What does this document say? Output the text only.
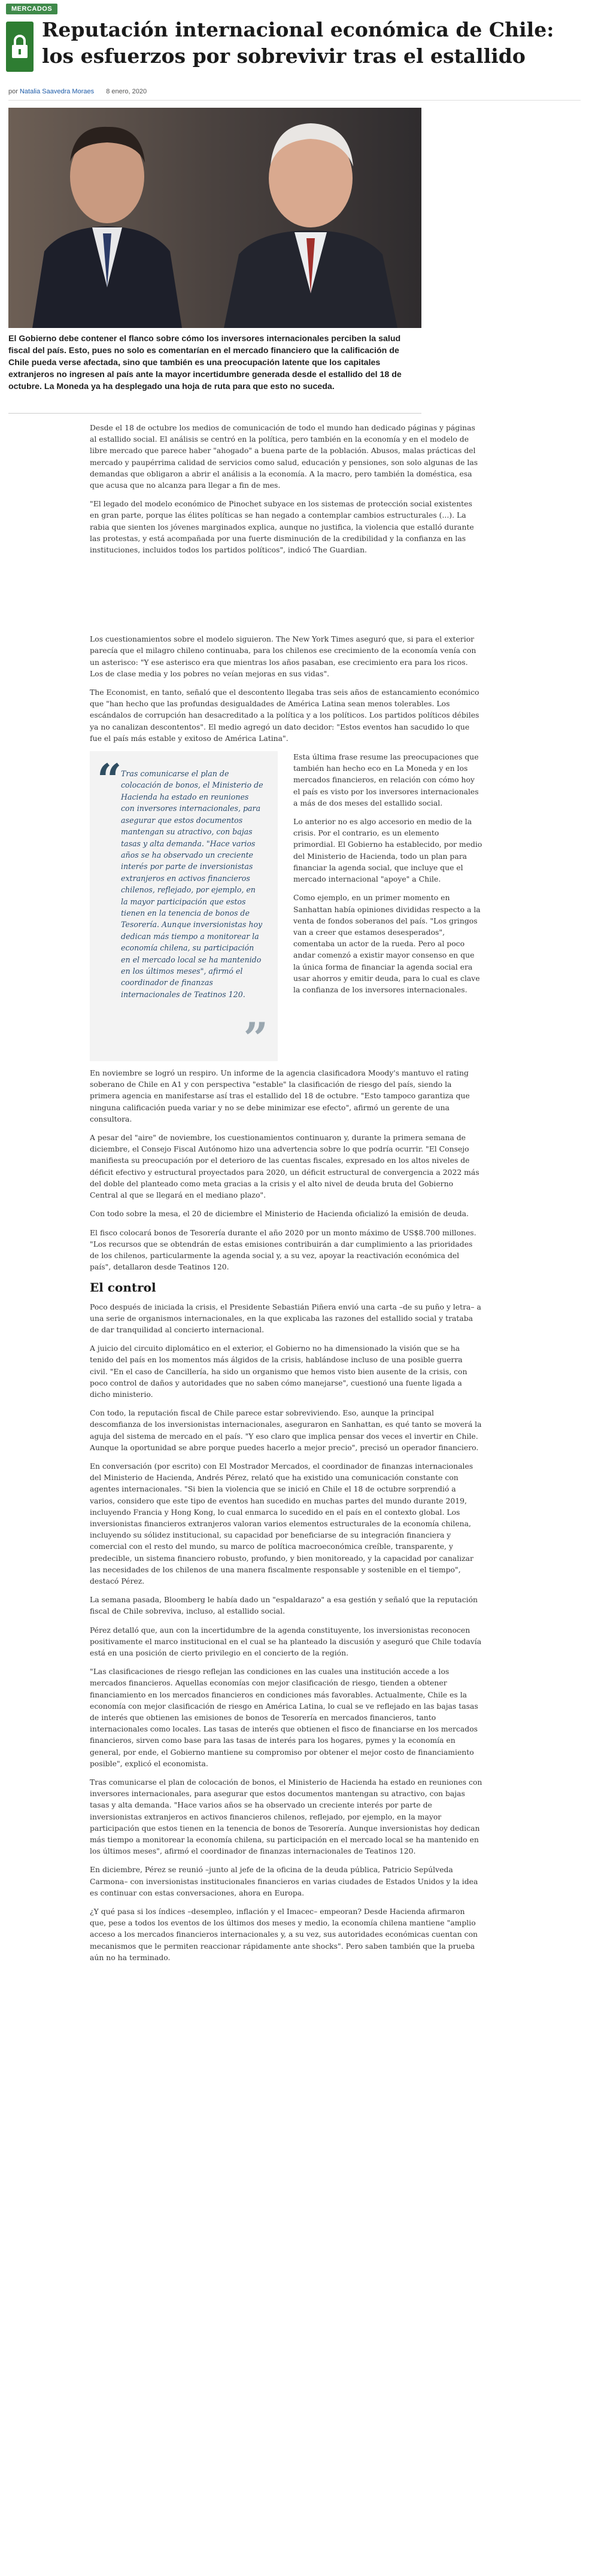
MERCADOS
Reputación internacional económica de Chile: los esfuerzos por sobrevivir tras el estallido
por Natalia Saavedra Moraes 8 enero, 2020

El Gobierno debe contener el flanco sobre cómo los inversores internacionales perciben la salud fiscal del país. Esto, pues no solo es comentarían en el mercado financiero que la calificación de Chile pueda verse afectada, sino que también es una preocupación latente que los capitales extranjeros no ingresen al país ante la mayor incertidumbre generada desde el estallido del 18 de octubre. La Moneda ya ha desplegado una hoja de ruta para que esto no suceda.

Desde el 18 de octubre los medios de comunicación de todo el mundo han dedicado páginas y páginas al estallido social. El análisis se centró en la política, pero también en la economía y en el modelo de libre mercado que parece haber "ahogado" a buena parte de la población. Abusos, malas prácticas del mercado y paupérrima calidad de servicios como salud, educación y pensiones, son solo algunas de las demandas que obligaron a abrir el análisis a la economía. A la macro, pero también la doméstica, esa que acusa que no alcanza para llegar a fin de mes.

"El legado del modelo económico de Pinochet subyace en los sistemas de protección social existentes en gran parte, porque las élites políticas se han negado a contemplar cambios estructurales (...). La rabia que sienten los jóvenes marginados explica, aunque no justifica, la violencia que estalló durante las protestas, y está acompañada por una fuerte disminución de la credibilidad y la confianza en las instituciones, incluidos todos los partidos políticos", indicó The Guardian.

Los cuestionamientos sobre el modelo siguieron. The New York Times aseguró que, si para el exterior parecía que el milagro chileno continuaba, para los chilenos ese crecimiento de la economía venía con un asterisco: "Y ese asterisco era que mientras los años pasaban, ese crecimiento era para los ricos. Los de clase media y los pobres no veían mejoras en sus vidas".

The Economist, en tanto, señaló que el descontento llegaba tras seis años de estancamiento económico que "han hecho que las profundas desigualdades de América Latina sean menos tolerables. Los escándalos de corrupción han desacreditado a la política y a los políticos. Los partidos políticos débiles ya no canalizan descontentos". El medio agregó un dato decidor: "Estos eventos han sacudido lo que fue el país más estable y exitoso de América Latina".

“
Tras comunicarse el plan de colocación de bonos, el Ministerio de Hacienda ha estado en reuniones con inversores internacionales, para asegurar que estos documentos mantengan su atractivo, con bajas tasas y alta demanda. "Hace varios años se ha observado un creciente interés por parte de inversionistas extranjeros en activos financieros chilenos, reflejado, por ejemplo, en la mayor participación que estos tienen en la tenencia de bonos de Tesorería. Aunque inversionistas hoy dedican más tiempo a monitorear la economía chilena, su participación en el mercado local se ha mantenido en los últimos meses", afirmó el coordinador de finanzas internacionales de Teatinos 120.
”

Esta última frase resume las preocupaciones que también han hecho eco en La Moneda y en los mercados financieros, en relación con cómo hoy el país es visto por los inversores internacionales a más de dos meses del estallido social.

Lo anterior no es algo accesorio en medio de la crisis. Por el contrario, es un elemento primordial. El Gobierno ha establecido, por medio del Ministerio de Hacienda, todo un plan para financiar la agenda social, que incluye que el mercado internacional "apoye" a Chile.

Como ejemplo, en un primer momento en Sanhattan había opiniones divididas respecto a la venta de fondos soberanos del país. "Los gringos van a creer que estamos desesperados", comentaba un actor de la rueda. Pero al poco andar comenzó a existir mayor consenso en que la única forma de financiar la agenda social era usar ahorros y emitir deuda, para lo cual es clave la confianza de los inversores internacionales.

En noviembre se logró un respiro. Un informe de la agencia clasificadora Moody's mantuvo el rating soberano de Chile en A1 y con perspectiva "estable" la clasificación de riesgo del país, siendo la primera agencia en manifestarse así tras el estallido del 18 de octubre. "Esto tampoco garantiza que ninguna calificación pueda variar y no se debe minimizar ese efecto", afirmó un gerente de una consultora.

A pesar del "aire" de noviembre, los cuestionamientos continuaron y, durante la primera semana de diciembre, el Consejo Fiscal Autónomo hizo una advertencia sobre lo que podría ocurrir. "El Consejo manifiesta su preocupación por el deterioro de las cuentas fiscales, expresado en los altos niveles de déficit efectivo y estructural proyectados para 2020, un déficit estructural de convergencia a 2022 más del doble del planteado como meta gracias a la crisis y el alto nivel de deuda bruta del Gobierno Central al que se llegará en el mediano plazo".

Con todo sobre la mesa, el 20 de diciembre el Ministerio de Hacienda oficializó la emisión de deuda.

El fisco colocará bonos de Tesorería durante el año 2020 por un monto máximo de US$8.700 millones. "Los recursos que se obtendrán de estas emisiones contribuirán a dar cumplimiento a las prioridades de los chilenos, particularmente la agenda social y, a su vez, apoyar la reactivación económica del país", detallaron desde Teatinos 120.

El control

Poco después de iniciada la crisis, el Presidente Sebastián Piñera envió una carta –de su puño y letra– a una serie de organismos internacionales, en la que explicaba las razones del estallido social y trataba de dar tranquilidad al concierto internacional.

A juicio del circuito diplomático en el exterior, el Gobierno no ha dimensionado la visión que se ha tenido del país en los momentos más álgidos de la crisis, hablándose incluso de una posible guerra civil. "En el caso de Cancillería, ha sido un organismo que hemos visto bien ausente de la crisis, con poco control de daños y autoridades que no saben cómo manejarse", cuestionó una fuente ligada a dicho ministerio.

Con todo, la reputación fiscal de Chile parece estar sobreviviendo. Eso, aunque la principal descomfianza de los inversionistas internacionales, aseguraron en Sanhattan, es qué tanto se moverá la aguja del sistema de mercado en el país. "Y eso claro que implica pensar dos veces el invertir en Chile. Aunque la oportunidad se abre porque puedes hacerlo a mejor precio", precisó un operador financiero.

En conversación (por escrito) con El Mostrador Mercados, el coordinador de finanzas internacionales del Ministerio de Hacienda, Andrés Pérez, relató que ha existido una comunicación constante con agentes internacionales. "Si bien la violencia que se inició en Chile el 18 de octubre sorprendió a varios, considero que este tipo de eventos han sucedido en muchas partes del mundo durante 2019, incluyendo Francia y Hong Kong, lo cual enmarca lo sucedido en el país en el contexto global. Los inversionistas financieros extranjeros valoran varios elementos estructurales de la economía chilena, incluyendo su sólidez institucional, su capacidad por beneficiarse de su integración financiera y comercial con el resto del mundo, su marco de política macroeconómica creíble, transparente, y predecible, un sistema financiero robusto, profundo, y bien monitoreado, y la capacidad por canalizar las necesidades de los chilenos de una manera fiscalmente responsable y sostenible en el tiempo", destacó Pérez.

La semana pasada, Bloomberg le había dado un "espaldarazo" a esa gestión y señaló que la reputación fiscal de Chile sobreviva, incluso, al estallido social.

Pérez detalló que, aun con la incertidumbre de la agenda constituyente, los inversionistas reconocen positivamente el marco institucional en el cual se ha planteado la discusión y aseguró que Chile todavía está en una posición de cierto privilegio en el concierto de la región.

"Las clasificaciones de riesgo reflejan las condiciones en las cuales una institución accede a los mercados financieros. Aquellas economías con mejor clasificación de riesgo, tienden a obtener financiamiento en los mercados financieros en condiciones más favorables. Actualmente, Chile es la economía con mejor clasificación de riesgo en América Latina, lo cual se ve reflejado en las bajas tasas de interés que obtienen las emisiones de bonos de Tesorería en mercados financieros, tanto internacionales como locales. Las tasas de interés que obtienen el fisco de financiarse en los mercados financieros, sirven como base para las tasas de interés para los hogares, pymes y la economía en general, por ende, el Gobierno mantiene su compromiso por obtener el mejor costo de financiamiento posible", explicó el economista.

Tras comunicarse el plan de colocación de bonos, el Ministerio de Hacienda ha estado en reuniones con inversores internacionales, para asegurar que estos documentos mantengan su atractivo, con bajas tasas y alta demanda. "Hace varios años se ha observado un creciente interés por parte de inversionistas extranjeros en activos financieros chilenos, reflejado, por ejemplo, en la mayor participación que estos tienen en la tenencia de bonos de Tesorería. Aunque inversionistas hoy dedican más tiempo a monitorear la economía chilena, su participación en el mercado local se ha mantenido en los últimos meses", afirmó el coordinador de finanzas internacionales de Teatinos 120.

En diciembre, Pérez se reunió –junto al jefe de la oficina de la deuda pública, Patricio Sepúlveda Carmona– con inversionistas institucionales financieros en varias ciudades de Estados Unidos y la idea es continuar con estas conversaciones, ahora en Europa.

¿Y qué pasa si los índices –desempleo, inflación y el Imacec– empeoran? Desde Hacienda afirmaron que, pese a todos los eventos de los últimos dos meses y medio, la economía chilena mantiene "amplio acceso a los mercados financieros internacionales y, a su vez, sus autoridades económicas cuentan con mecanismos que le permiten reaccionar rápidamente ante shocks". Pero saben también que la prueba aún no ha terminado.
